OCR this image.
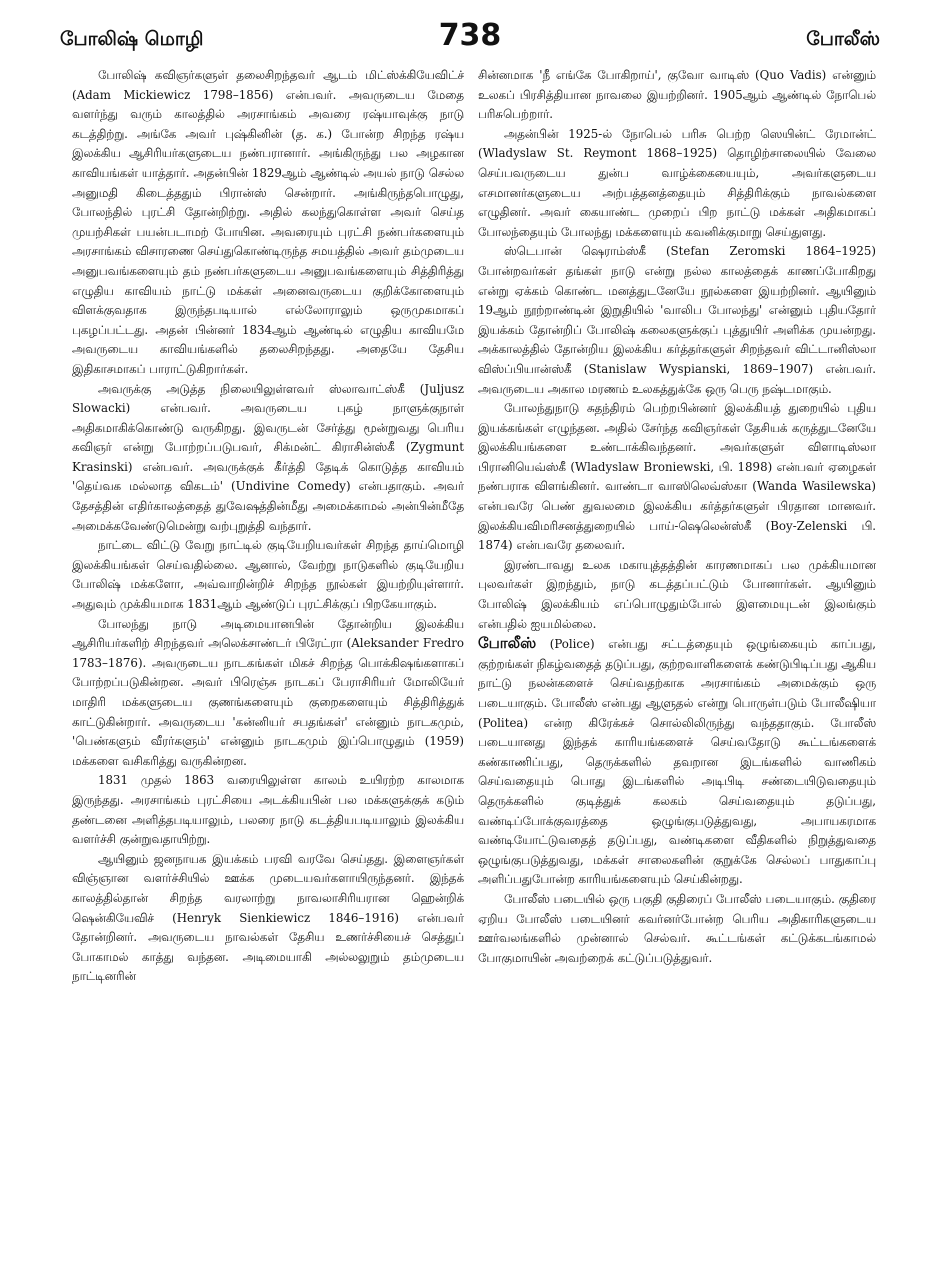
போலிஷ் மொழி	738	போலீஸ்

போலிஷ் கவிஞர்களுள் தலைசிறந்தவர் ஆடம் மிட்ஸ்க்கியேவிட்ச் (Adam Mickiewicz 1798–1856) என்பவர். அவருடைய மேதை வளர்ந்து வரும் காலத்தில் அரசாங்கம் அவரை ரஷ்யாவுக்கு நாடு கடத்திற்று. அங்கே அவர் புஷ்கினின் (த. க.) போன்ற சிறந்த ரஷ்ய இலக்கிய ஆசிரியர்களுடைய நண்பரானார். அங்கிருந்து பல அழகான காவியங்கள் யாத்தார். அதன்பின் 1829ஆம் ஆண்டில் அயல் நாடு செல்ல அனுமதி கிடைத்ததும் பிரான்ஸ் சென்றார். அங்கிருந்தபொழுது, போலந்தில் புரட்சி தோன்றிற்று. அதில் கலந்துகொள்ள அவர் செய்த முயற்சிகள் பயன்படாமற் போயின. அவரையும் புரட்சி நண்பர்களையும் அரசாங்கம் விசாரணை செய்துகொண்டிருந்த சமயத்தில் அவர் தம்முடைய அனுபவங்களையும் தம் நண்பர்களுடைய அனுபவங்களையும் சித்திரித்து எழுதிய காவியம் நாட்டு மக்கள் அனைவருடைய குறிக்கோளையும் விளக்குவதாக இருந்தபடியால் எல்லோராலும் ஒருமுகமாகப் புகழப்பட்டது. அதன் பின்னர் 1834ஆம் ஆண்டில் எழுதிய காவியமே அவருடைய காவியங்களில் தலைசிறந்தது. அதையே தேசிய இதிகாசமாகப் பாராட்டுகிறார்கள்.

அவருக்கு அடுத்த நிலையிலுள்ளவர் ஸ்லாவாட்ஸ்கீ (Juljusz Slowacki) என்பவர். அவருடைய புகழ் நாளுக்குநாள் அதிகமாகிக்கொண்டு வருகிறது. இவருடன் சேர்த்து மூன்றுவது பெரிய கவிஞர் என்று போற்றப்படுபவர், சிக்மன்ட் கிராசின்ஸ்கீ (Zygmunt Krasinski) என்பவர். அவருக்குக் கீர்த்தி தேடிக் கொடுத்த காவியம் 'தெய்வக மல்லாத விகடம்' (Undivine Comedy) என்பதாகும். அவர் தேசத்தின் எதிர்காலத்தைத் துவேஷத்தின்மீது அமைக்காமல் அன்பின்மீதே அமைக்கவேண்டுமென்று வற்புறுத்தி வந்தார்.

நாட்டை விட்டு வேறு நாட்டில் குடியேறியவர்கள் சிறந்த தாய்மொழி இலக்கியங்கள் செய்வதில்லை. ஆனால், வேற்று நாடுகளில் குடியேறிய போலிஷ் மக்களோ, அவ்வாறின்றிச் சிறந்த நூல்கள் இயற்றியுள்ளார். அதுவும் முக்கியமாக 1831ஆம் ஆண்டுப் புரட்சிக்குப் பிறகேயாகும்.

போலந்து நாடு அடிமையானபின் தோன்றிய இலக்கிய ஆசிரியர்களிற் சிறந்தவர் அலெக்சாண்டர் பிரேட்ரா (Aleksander Fredro 1783–1876). அவருடைய நாடகங்கள் மிகச் சிறந்த பொக்கிஷங்களாகப் போற்றப்படுகின்றன. அவர் பிரெஞ்சு நாடகப் பேராசிரியர் மோலியேர் மாதிரி மக்களுடைய குணங்களையும் குறைகளையும் சித்திரித்துக் காட்டுகின்றார். அவருடைய 'கன்னியர் சபதங்கள்' என்னும் நாடகமும், 'பெண்களும் வீரர்களும்' என்னும் நாடகமும் இப்பொழுதும் (1959) மக்களை வசிகரித்து வருகின்றன.

1831 முதல் 1863 வரையிலுள்ள காலம் உயிரற்ற காலமாக இருந்தது. அரசாங்கம் புரட்சியை அடக்கியபின் பல மக்களுக்குக் கடும் தண்டனை அளித்தபடியாலும், பலரை நாடு கடத்தியபடியாலும் இலக்கிய வளர்ச்சி குன்றுவதாயிற்று.

ஆயினும் ஜனநாயக இயக்கம் பரவி வரவே செய்தது. இளைஞர்கள் விஞ்ஞான வளர்ச்சியில் ஊக்க முடையவர்களாயிருந்தனர். இந்தக் காலத்தில்தான் சிறந்த வரலாற்று நாவலாசிரியரான ஹென்றிக் ஷென்கியேவிச் (Henryk Sienkiewicz 1846–1916) என்பவர் தோன்றினர். அவருடைய நாவல்கள் தேசிய உணர்ச்சியைச் செத்துப் போகாமல் காத்து வந்தன. அடிமையாகி அல்லலுறும் தம்முடைய நாட்டினரின்

சின்னமாக 'நீ எங்கே போகிறாய்', குவோ வாடிஸ் (Quo Vadis) என்னும் உலகப் பிரசித்தியான நாவலை இயற்றினர். 1905ஆம் ஆண்டில் நோபெல் பரிசுபெற்றார்.

அதன்பின் 1925-ல் நோபெல் பரிசு பெற்ற ஸெயின்ட் ரேமான்ட் (Wladyslaw St. Reymont 1868–1925) தொழிற்சாலையில் வேலை செய்பவருடைய துன்ப வாழ்க்கையையும், அவர்களுடைய எசமானர்களுடைய அற்பத்தனத்தையும் சித்திரிக்கும் நாவல்களை எழுதினர். அவர் கையாண்ட முறைப் பிற நாட்டு மக்கள் அதிகமாகப் போலந்தையும் போலந்து மக்களையும் கவனிக்குமாறு செய்துளது.

ஸ்டெபான் ஷெராம்ஸ்கீ (Stefan Zeromski 1864–1925) போன்றவர்கள் தங்கள் நாடு என்று நல்ல காலத்தைக் காணப்போகிறது என்று ஏக்கம் கொண்ட மனத்துடனேயே நூல்களை இயற்றினர். ஆயினும் 19ஆம் நூற்றாண்டின் இறுதியில் 'வாலிப போலந்து' என்னும் புதியதோர் இயக்கம் தோன்றிப் போலிஷ் கலைகளுக்குப் புத்துயிர் அளிக்க முயன்றது. அக்காலத்தில் தோன்றிய இலக்கிய கர்த்தர்களுள் சிறந்தவர் விட்டானிஸ்லா விஸ்ப்பியான்ஸ்கீ (Stanislaw Wyspianski, 1869–1907) என்பவர். அவருடைய அகால மரணம் உலகத்துக்கே ஒரு பெரு நஷ்டமாகும்.

போலந்துநாடு சுதந்திரம் பெற்றபின்னர் இலக்கியத் துறையில் புதிய இயக்கங்கள் எழுந்தன. அதில் சேர்ந்த கவிஞர்கள் தேசியக் கருத்துடனேயே இலக்கியங்களை உண்டாக்கிவந்தனர். அவர்களுள் விளாடிஸ்லா பிரானியெவ்ஸ்கீ (Wladyslaw Broniewski, பி. 1898) என்பவர் ஏழைகள் நண்பராக விளங்கினர். வாண்டா வாஸிலெவ்ஸ்கா (Wanda Wasilewska) என்பவரே பெண் துவலமை இலக்கிய கர்த்தர்களுள் பிரதான மானவர். இலக்கியவிமரிசனத்துறையில் பாய்-ஷெலென்ஸ்கீ (Boy-Zelenski பி. 1874) என்பவரே தலைவர்.

இரண்டாவது உலக மகாயுத்தத்தின் காரணமாகப் பல முக்கியமான புலவர்கள் இறந்தும், நாடு கடத்தப்பட்டும் போனார்கள். ஆயினும் போலிஷ் இலக்கியம் எப்பொழுதும்போல் இளமையுடன் இலங்கும் என்பதில் ஐயமில்லை.

போலீஸ் (Police) என்பது சட்டத்தையும் ஒழுங்கையும் காப்பது, குற்றங்கள் நிகழ்வதைத் தடுப்பது, குற்றவாளிகளைக் கண்டுபிடிப்பது ஆகிய நாட்டு நலன்களைச் செய்வதற்காக அரசாங்கம் அமைக்கும் ஒரு படையாகும். போலீஸ் என்பது ஆளுதல் என்று பொருள்படும் போலீஷியா (Politea) என்ற கிரேக்கச் சொல்லிலிருந்து வந்ததாகும். போலீஸ் படையானது இந்தக் காரியங்களைச் செய்வதோடு கூட்டங்களைக் கண்காணிப்பது, தெருக்களில் தவறான இடங்களில் வாணிகம் செய்வதையும் பொது இடங்களில் அடிபிடி சண்டையிடுவதையும் தெருக்களில் குடித்துக் கலகம் செய்வதையும் தடுப்பது, வண்டிப்போக்குவரத்தை ஒழுங்குபடுத்துவது, அபாயகரமாக வண்டியோட்டுவதைத் தடுப்பது, வண்டிகளை வீதிகளில் நிறுத்துவதை ஒழுங்குபடுத்துவது, மக்கள் சாலைகளின் குறுக்கே செல்லப் பாதுகாப்பு அளிப்பதுபோன்ற காரியங்களையும் செய்கின்றது.

போலீஸ் படையில் ஒரு பகுதி குதிரைப் போலீஸ் படையாகும். குதிரை ஏறிய போலீஸ் படையினர் கவர்னர்போன்ற பெரிய அதிகாரிகளுடைய ஊர்வலங்களில் முன்னால் செல்வர். கூட்டங்கள் கட்டுக்கடங்காமல் போகுமாயின் அவற்றைக் கட்டுப்படுத்துவர்.
